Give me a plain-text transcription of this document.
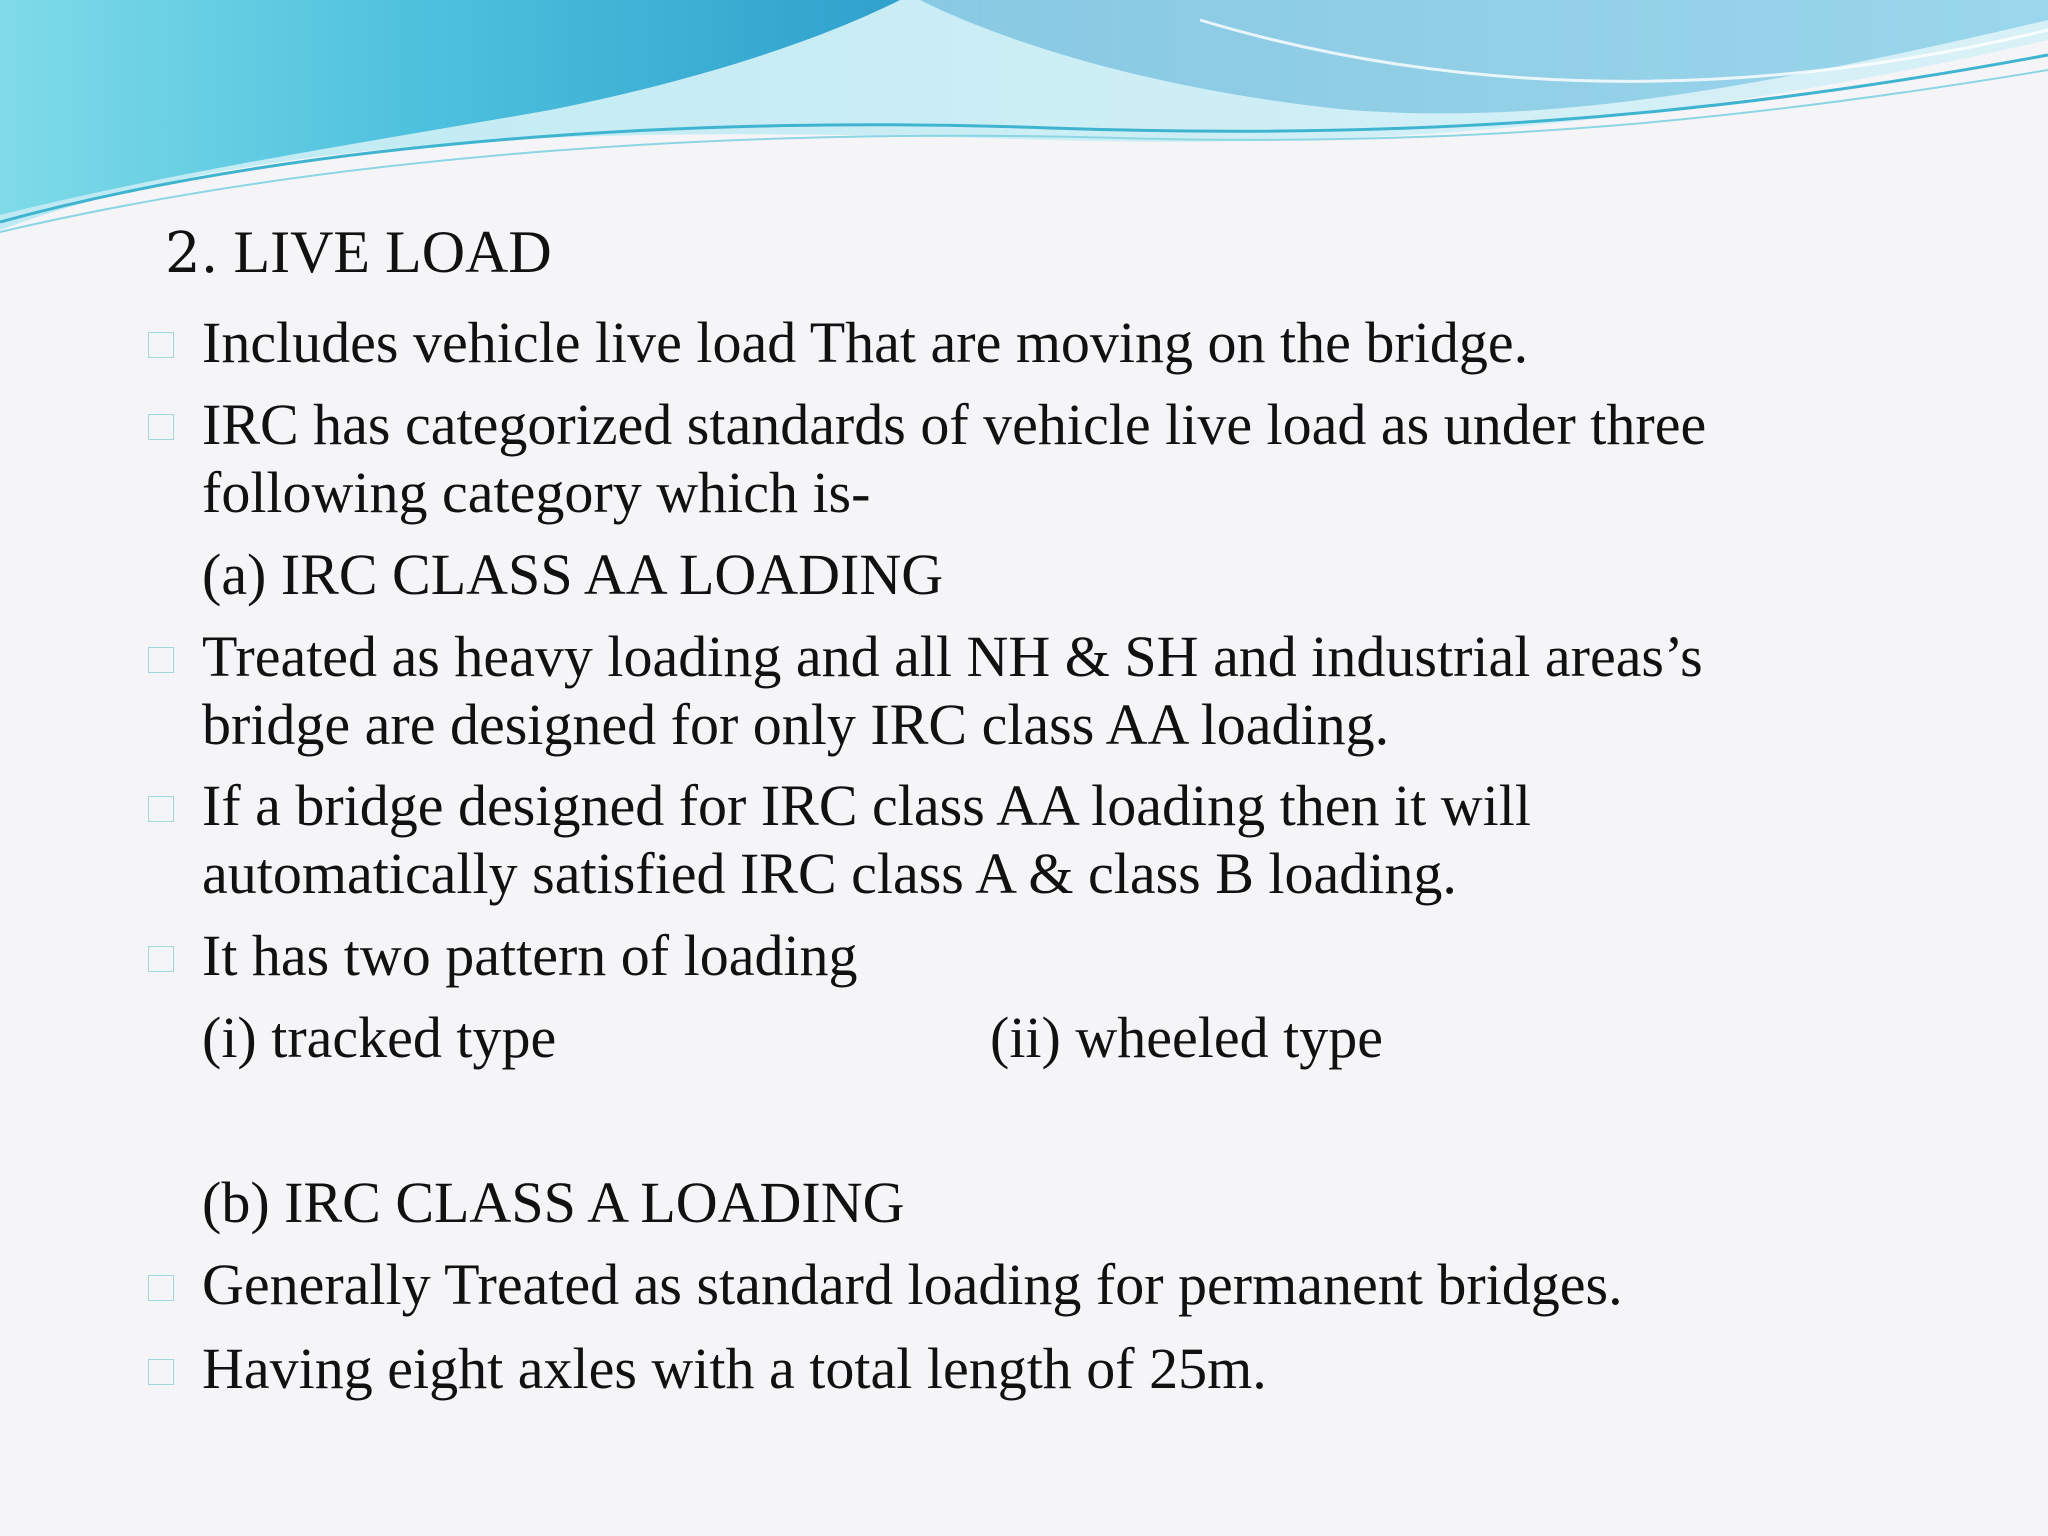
2. LIVE LOAD
Includes vehicle live load That are moving on the bridge.
IRC has categorized standards of vehicle live load as under three
following category which is-
(a) IRC CLASS AA LOADING
Treated as heavy loading and all NH & SH and industrial areas’s
bridge are designed for only IRC class AA loading.
If a bridge designed for IRC class AA loading then it will
automatically satisfied IRC class A & class B loading.
It has two pattern of loading
(i) tracked type	(ii) wheeled type
(b) IRC CLASS A LOADING
Generally Treated as standard loading for permanent bridges.
Having eight axles with a total length of 25m.
